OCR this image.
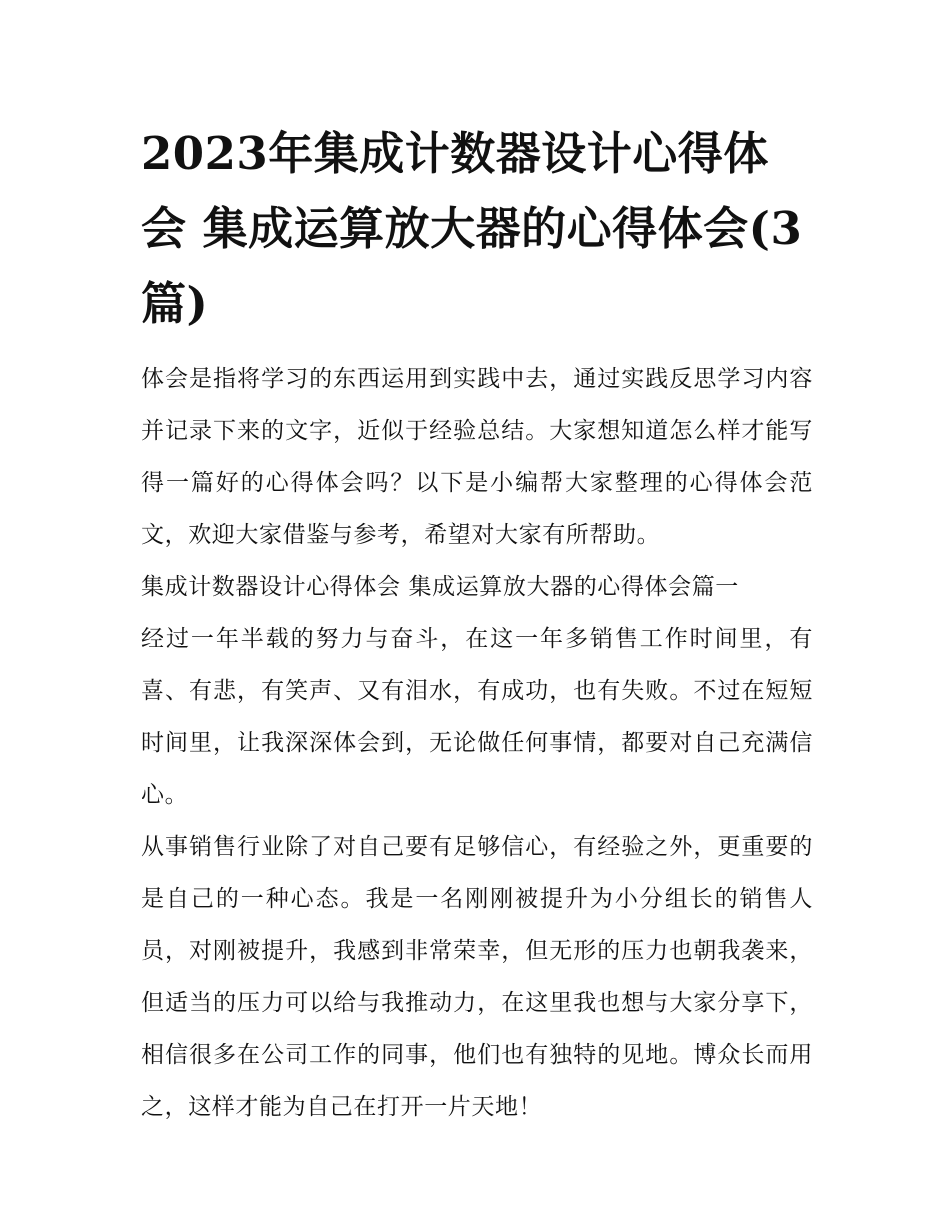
2023年集成计数器设计心得体会 集成运算放大器的心得体会(3篇)

体会是指将学习的东西运用到实践中去，通过实践反思学习内容并记录下来的文字，近似于经验总结。大家想知道怎么样才能写得一篇好的心得体会吗？以下是小编帮大家整理的心得体会范文，欢迎大家借鉴与参考，希望对大家有所帮助。

集成计数器设计心得体会 集成运算放大器的心得体会篇一

经过一年半载的努力与奋斗，在这一年多销售工作时间里，有喜、有悲，有笑声、又有泪水，有成功，也有失败。不过在短短时间里，让我深深体会到，无论做任何事情，都要对自己充满信心。

从事销售行业除了对自己要有足够信心，有经验之外，更重要的是自己的一种心态。我是一名刚刚被提升为小分组长的销售人员，对刚被提升，我感到非常荣幸，但无形的压力也朝我袭来，但适当的压力可以给与我推动力，在这里我也想与大家分享下，相信很多在公司工作的同事，他们也有独特的见地。博众长而用之，这样才能为自己在打开一片天地！
